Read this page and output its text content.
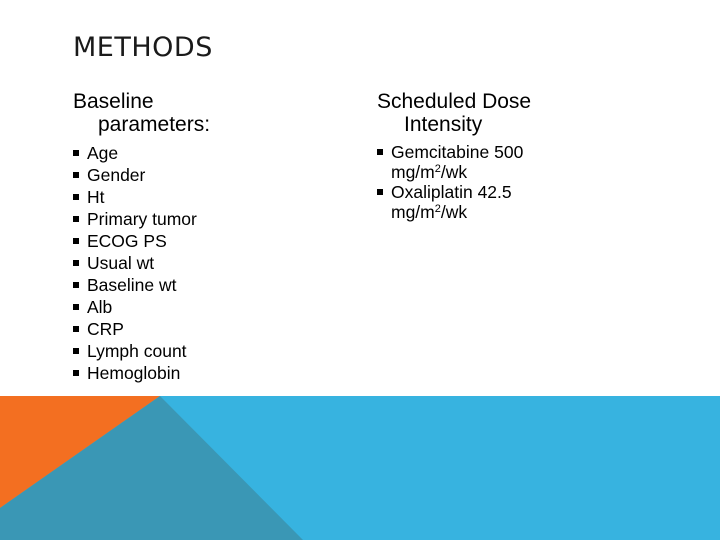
METHODS
Baseline
parameters:
Age
Gender
Ht
Primary tumor
ECOG PS
Usual wt
Baseline wt
Alb
CRP
Lymph count
Hemoglobin
Scheduled Dose
Intensity
Gemcitabine 500
$mg/m^2/wk$
Oxaliplatin 42.5
$mg/m^2/wk$
